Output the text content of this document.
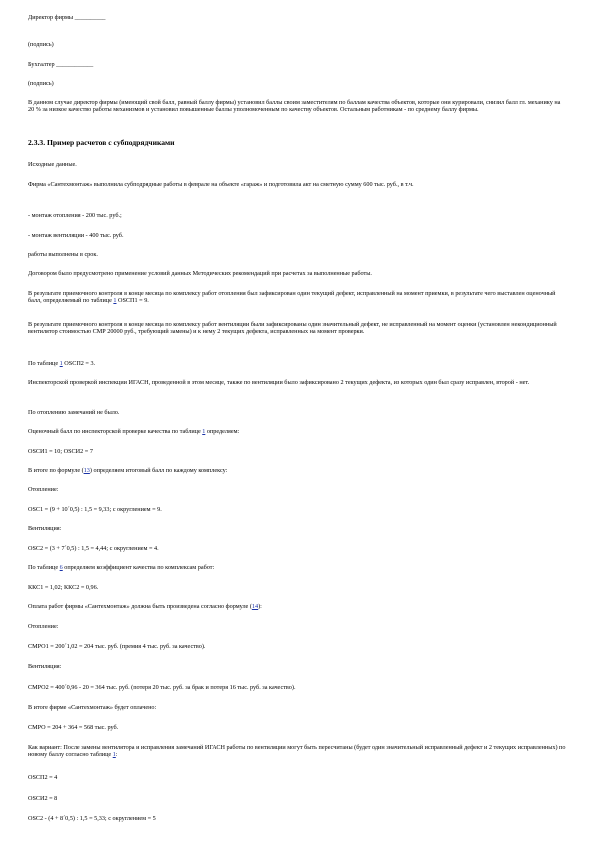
Директор фирмы __________

(подпись)

Бухгалтер ____________

(подпись)

В данном случае директор фирмы (имеющий свой балл, равный баллу фирмы) установил баллы своим заместителям по баллам качества объектов, которые они курировали, снизил балл гл. механику на 20 % за низкое качество работы механизмов и установил повышенные баллы уполномоченным по качеству объектов. Остальным работникам - по среднему баллу фирмы.

2.3.3. Пример расчетов с субподрядчиками

Исходные данные.

Фирма «Сантехмонтаж» выполнила субподрядные работы в феврале на объекте «гараж» и подготовила акт на сметную сумму 600 тыс. руб., в т.ч.

- монтаж отопления - 200 тыс. руб.;

- монтаж вентиляции - 400 тыс. руб.

работы выполнены в срок.

Договором было предусмотрено применение условий данных Методических рекомендаций при расчетах за выполненные работы.

В результате приемочного контроля в конце месяца по комплексу работ отопления был зафиксирован один текущий дефект, исправленный на момент приемки, в результате чего выставлен оценочный балл, определяемый по таблице 1 OSCП1 = 9.

В результате приемочного контроля в конце месяца по комплексу работ вентиляции были зафиксированы один значительный дефект, не исправленный на момент оценки (установлен некондиционный вентилятор стоимостью СМР 20000 руб., требующий замены) и к нему 2 текущих дефекта, исправленных на момент проверки.

По таблице 1 OSCП2 = 3.

Инспекторской проверкой инспекции ИГАСН, проведенной в этом месяце, также по вентиляции было зафиксировано 2 текущих дефекта, из которых один был сразу исправлен, второй - нет.

По отоплению замечаний не было.

Оценочный балл по инспекторской проверке качества по таблице 1 определяем:

OSCИ1 = 10; OSCИ2 = 7

В итоге по формуле (13) определяем итоговый балл по каждому комплексу:

Отопление:

OSC1 = (9 + 10´0,5) : 1,5 = 9,33; с округлением = 9.

Вентиляция:

OSC2 = (3 + 7´0,5) : 1,5 = 4,44; с округлением = 4.

По таблице 6 определяем коэффициент качества по комплексам работ:

ККС1 = 1,02; ККС2 = 0,96.

Оплата работ фирмы «Сантехмонтаж» должна быть произведена согласно формуле (14):

Отопление:

СМРО1 = 200´1,02 = 204 тыс. руб. (премия 4 тыс. руб. за качество).

Вентиляция:

СМРО2 = 400´0,96 - 20 = 364 тыс. руб. (потеря 20 тыс. руб. за брак и потеря 16 тыс. руб. за качество).

В итоге фирме «Сантехмонтаж» будет оплачено:

СМРО = 204 + 364 = 568 тыс. руб.

Как вариант: После замены вентилятора и исправления замечаний ИГАСН работы по вентиляции могут быть пересчитаны (будет один значительный исправленный дефект и 2 текущих исправленных) по новому баллу согласно таблице 1:

OSCП2 = 4

OSCИ2 = 8

OSC2 - (4 + 8´0,5) : 1,5 = 5,33; с округлением = 5
